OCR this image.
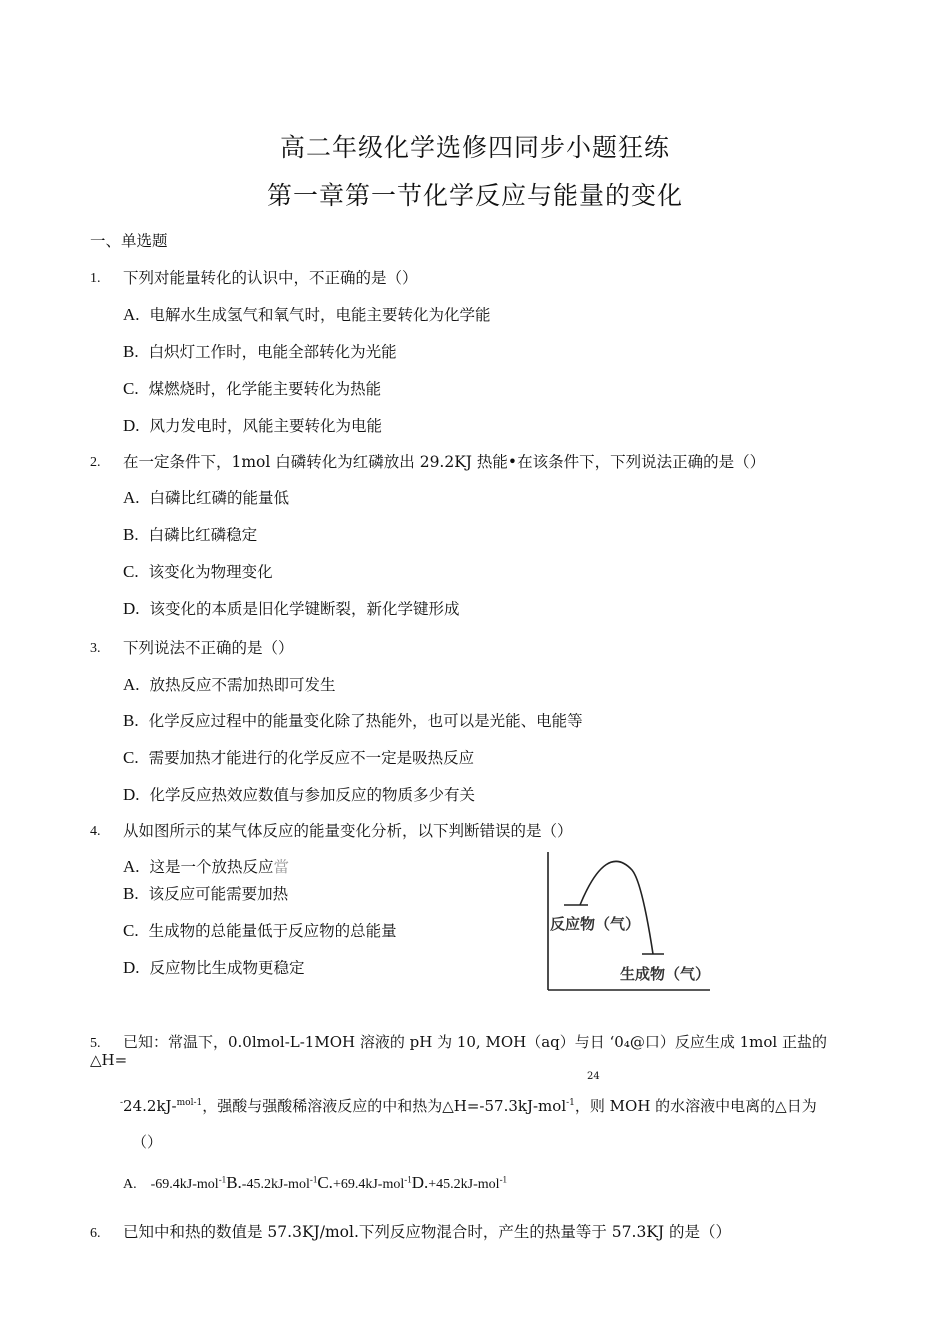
高二年级化学选修四同步小题狂练
第一章第一节化学反应与能量的变化
一、单选题
1. 下列对能量转化的认识中，不正确的是（）
A. 电解水生成氢气和氧气时，电能主要转化为化学能
B. 白炽灯工作时，电能全部转化为光能
C. 煤燃烧时，化学能主要转化为热能
D. 风力发电时，风能主要转化为电能
2. 在一定条件下，1mol 白磷转化为红磷放出 29.2KJ 热能•在该条件下，下列说法正确的是（）
A. 白磷比红磷的能量低
B. 白磷比红磷稳定
C. 该变化为物理变化
D. 该变化的本质是旧化学键断裂，新化学键形成
3. 下列说法不正确的是（）
A. 放热反应不需加热即可发生
B. 化学反应过程中的能量变化除了热能外，也可以是光能、电能等
C. 需要加热才能进行的化学反应不一定是吸热反应
D. 化学反应热效应数值与参加反应的物质多少有关
4. 从如图所示的某气体反应的能量变化分析，以下判断错误的是（）
A. 这是一个放热反应當
B. 该反应可能需要加热
C. 生成物的总能量低于反应物的总能量
D. 反应物比生成物更稳定
反应物（气）
生成物（气）
5. 已知：常温下，0.0lmol-L-1MOH 溶液的 pH 为 10, MOH（aq）与日 ‘0₄@口）反应生成 1mol 正盐的
△H=
24
-24.2kJ-$^{mol-1}$，强酸与强酸稀溶液反应的中和热为△H=-57.3kJ-mol$^{-1}$，则 MOH 的水溶液中电离的△日为
（）
A. -69.4kJ-mol$^{-1}$B.-45.2kJ-mol$^{-1}$C.+69.4kJ-mol$^{-1}$D.+45.2kJ-mol$^{-1}$
6. 已知中和热的数值是 57.3KJ/mol.下列反应物混合时，产生的热量等于 57.3KJ 的是（）
